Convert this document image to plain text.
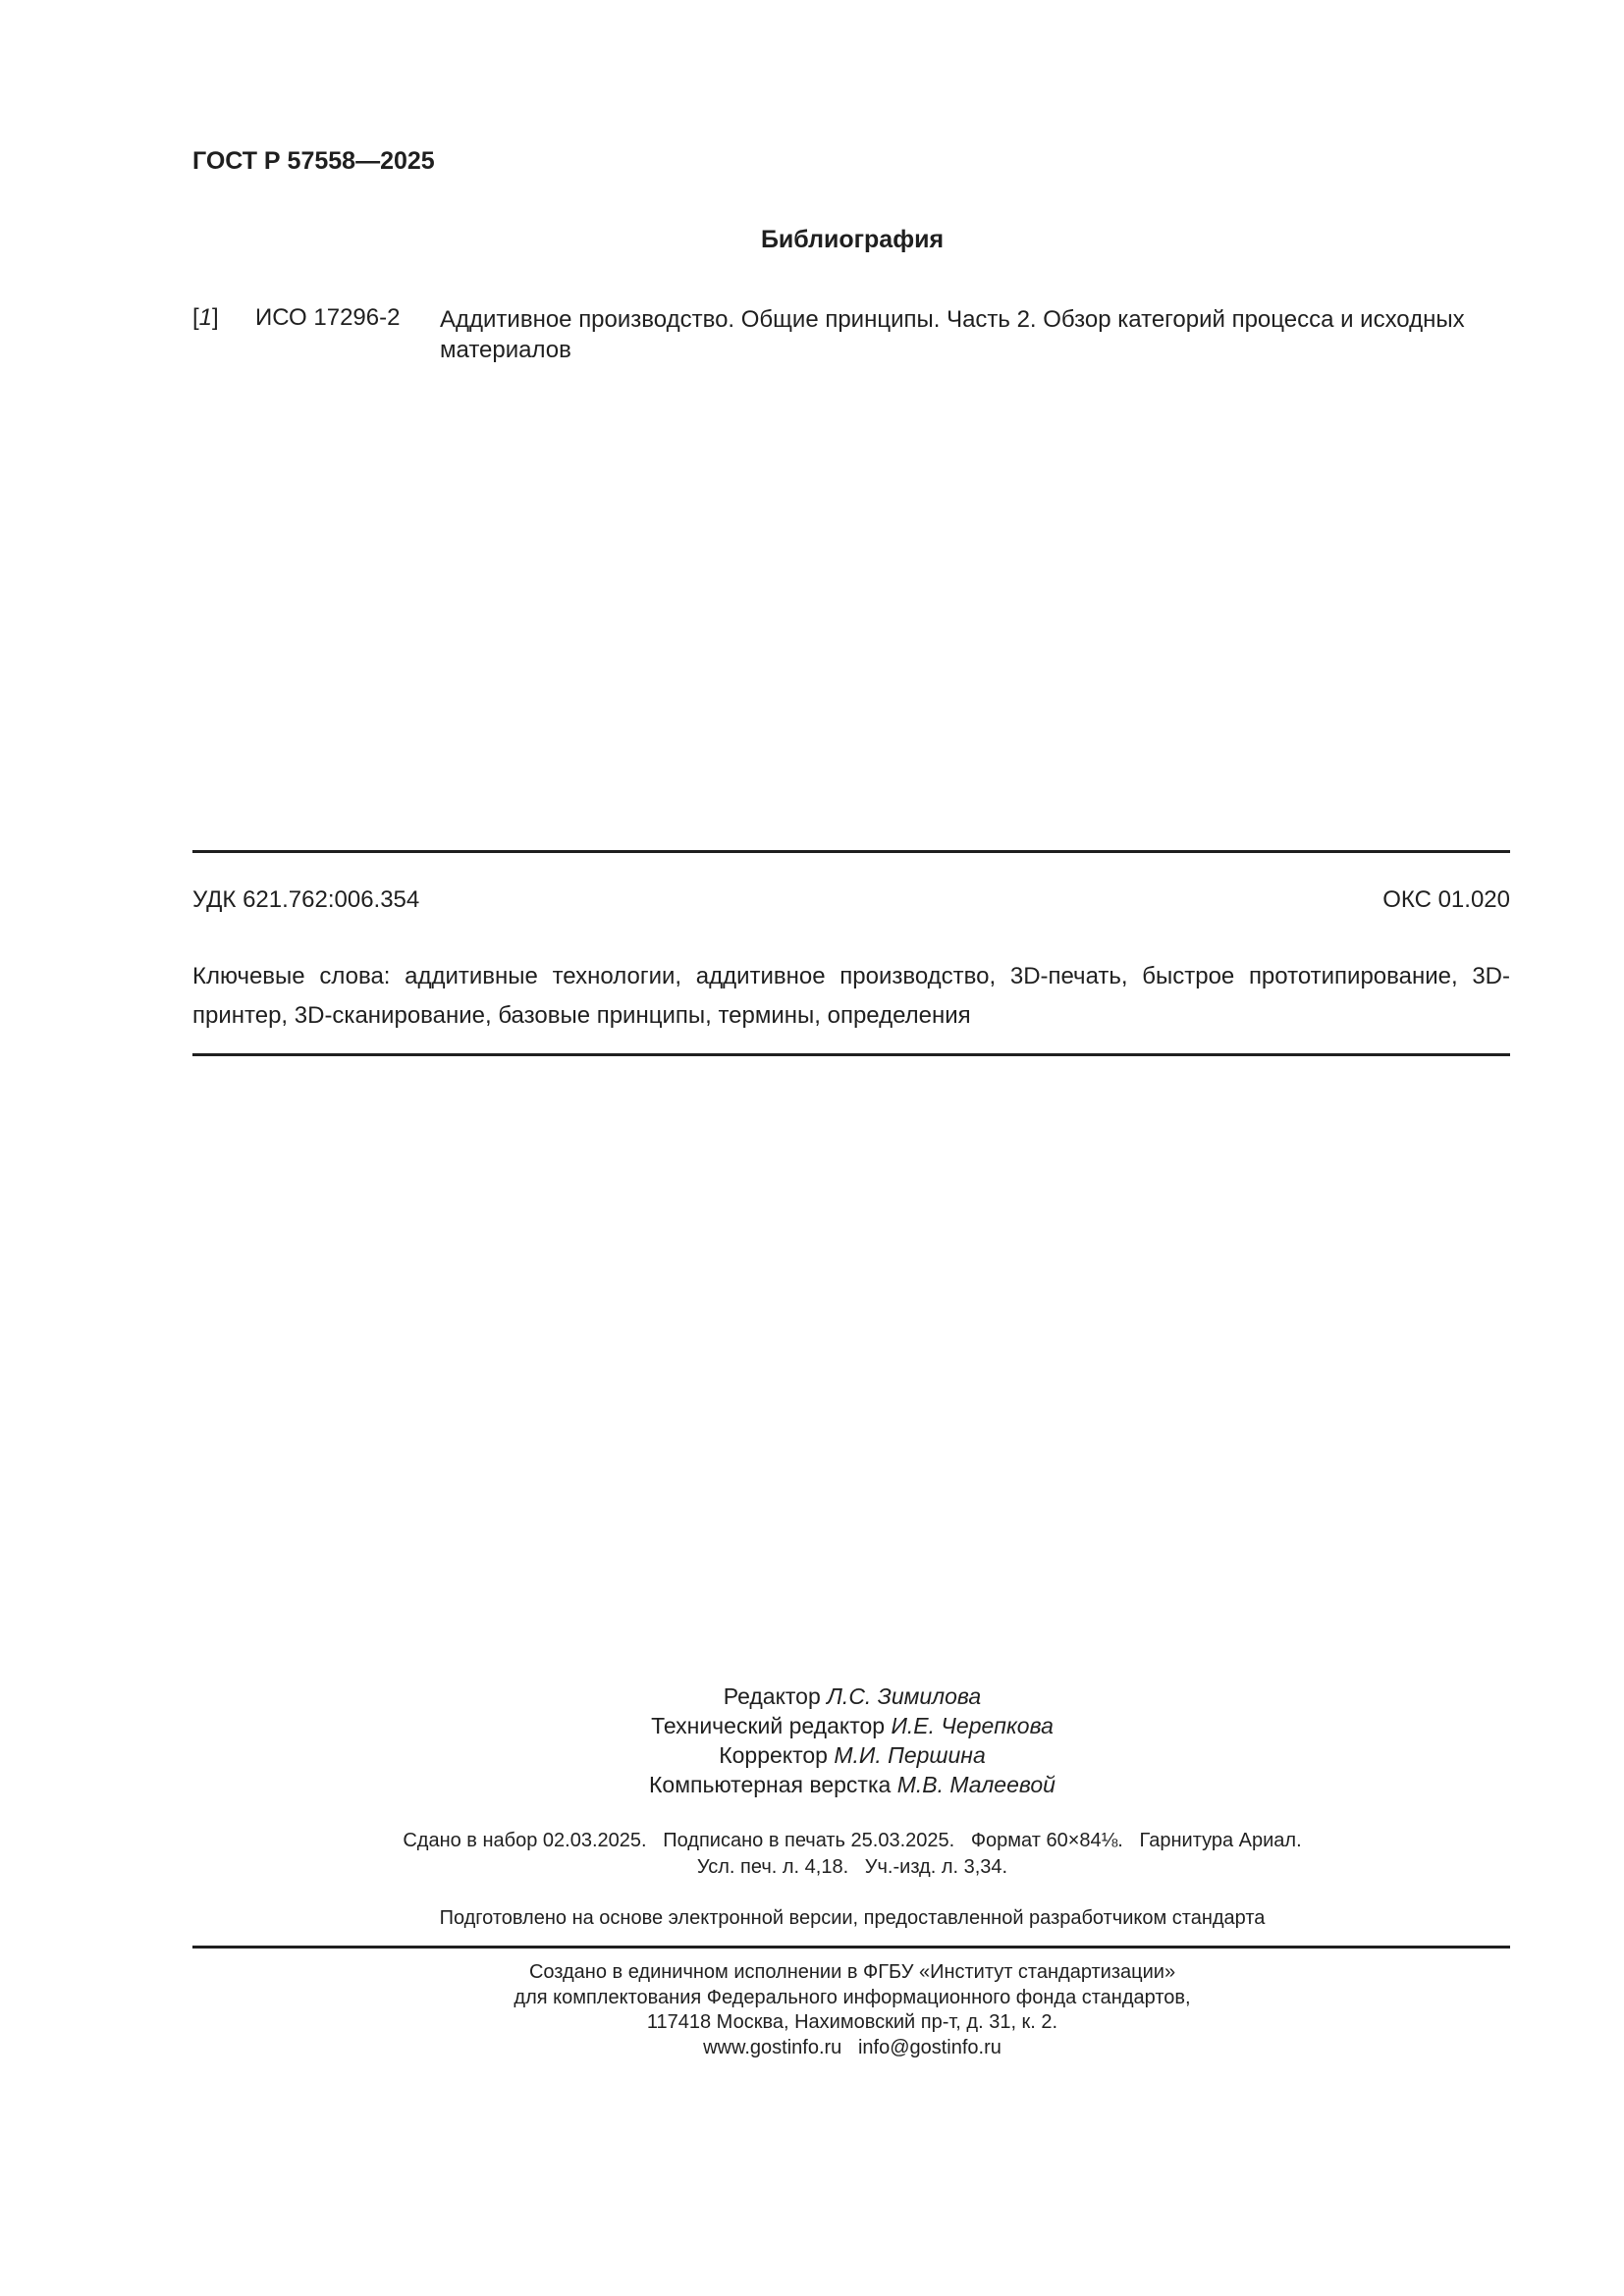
ГОСТ Р 57558—2025
Библиография
[1] ИСО 17296-2 Аддитивное производство. Общие принципы. Часть 2. Обзор категорий процесса и исходных материалов
УДК 621.762:006.354	ОКС 01.020
Ключевые слова: аддитивные технологии, аддитивное производство, 3D-печать, быстрое прототипирование, 3D-принтер, 3D-сканирование, базовые принципы, термины, определения
Редактор Л.С. Зимилова
Технический редактор И.Е. Черепкова
Корректор М.И. Першина
Компьютерная верстка М.В. Малеевой
Сдано в набор 02.03.2025.   Подписано в печать 25.03.2025.   Формат 60×84⅛.   Гарнитура Ариал.
Усл. печ. л. 4,18.   Уч.-изд. л. 3,34.
Подготовлено на основе электронной версии, предоставленной разработчиком стандарта
Создано в единичном исполнении в ФГБУ «Институт стандартизации»
для комплектования Федерального информационного фонда стандартов,
117418 Москва, Нахимовский пр-т, д. 31, к. 2.
www.gostinfo.ru info@gostinfo.ru
